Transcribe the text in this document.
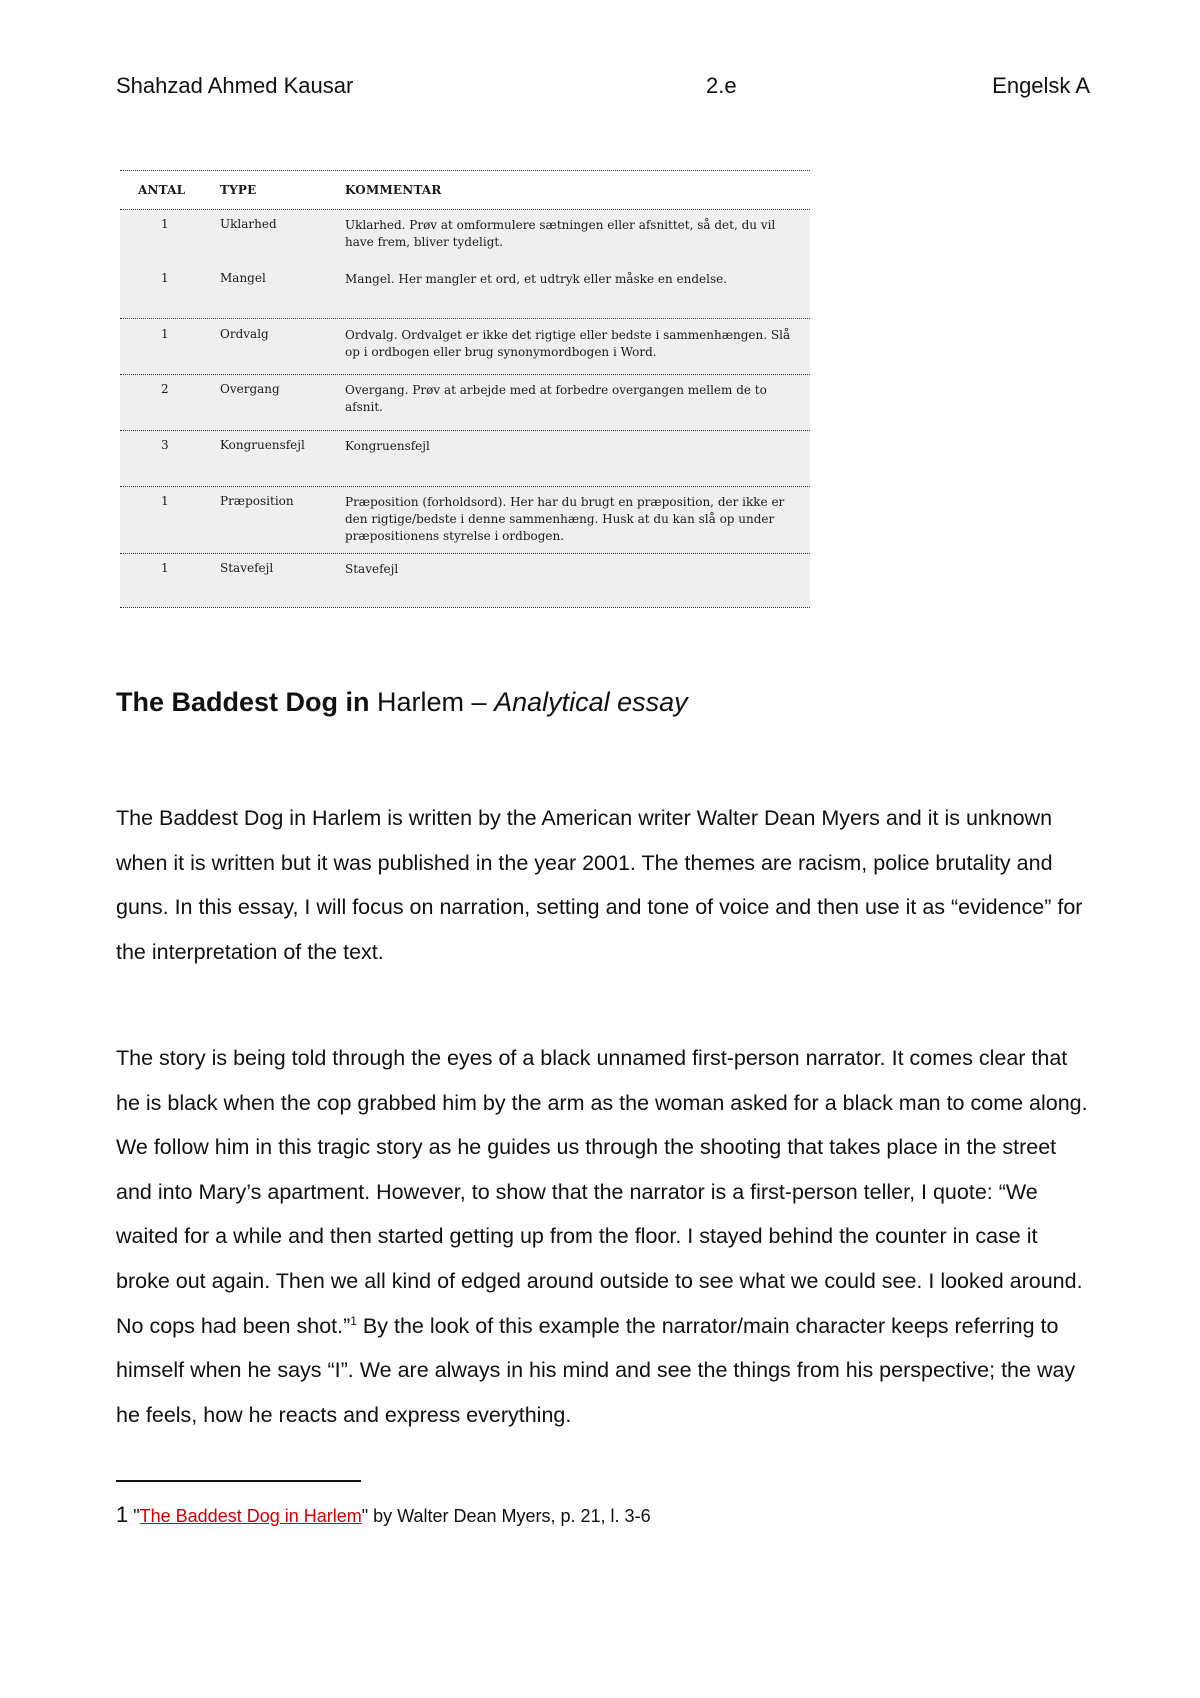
Shahzad Ahmed Kausar	2.e	Engelsk A
ANTAL	TYPE	KOMMENTAR
1	Uklarhed	Uklarhed. Prøv at omformulere sætningen eller afsnittet, så det, du vil have frem, bliver tydeligt.
1	Mangel	Mangel. Her mangler et ord, et udtryk eller måske en endelse.
1	Ordvalg	Ordvalg. Ordvalget er ikke det rigtige eller bedste i sammenhængen. Slå op i ordbogen eller brug synonymordbogen i Word.
2	Overgang	Overgang. Prøv at arbejde med at forbedre overgangen mellem de to afsnit.
3	Kongruensfejl	Kongruensfejl
1	Præposition	Præposition (forholdsord). Her har du brugt en præposition, der ikke er den rigtige/bedste i denne sammenhæng. Husk at du kan slå op under præpositionens styrelse i ordbogen.
1	Stavefejl	Stavefejl
The Baddest Dog in Harlem – Analytical essay
The Baddest Dog in Harlem is written by the American writer Walter Dean Myers and it is unknown when it is written but it was published in the year 2001. The themes are racism, police brutality and guns. In this essay, I will focus on narration, setting and tone of voice and then use it as “evidence” for the interpretation of the text.
The story is being told through the eyes of a black unnamed first-person narrator. It comes clear that he is black when the cop grabbed him by the arm as the woman asked for a black man to come along. We follow him in this tragic story as he guides us through the shooting that takes place in the street and into Mary’s apartment. However, to show that the narrator is a first-person teller, I quote: “We waited for a while and then started getting up from the floor. I stayed behind the counter in case it broke out again. Then we all kind of edged around outside to see what we could see. I looked around. No cops had been shot.”$^1$ By the look of this example the narrator/main character keeps referring to himself when he says “I”. We are always in his mind and see the things from his perspective; the way he feels, how he reacts and express everything.
1 "The Baddest Dog in Harlem" by Walter Dean Myers, p. 21, l. 3-6
